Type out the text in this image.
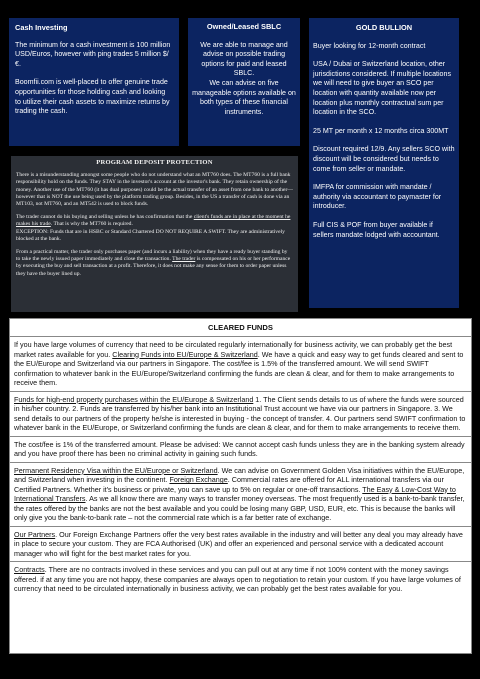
Cash Investing
The minimum for a cash investment is 100 million USD/Euros, however with ping trades 5 million $/€.
Boomfii.com is well-placed to offer genuine trade opportunities for those holding cash and looking to utilize their cash assets to maximize returns by trading the cash.
Owned/Leased SBLC
We are able to manage and advise on possible trading options for paid and leased SBLC.
We can advise on five manageable options available on both types of these financial instruments.
GOLD BULLION
Buyer looking for 12-month contract
USA / Dubai or Switzerland location, other jurisdictions considered. If multiple locations we will need to give buyer an SCO per location with quantity available now per location plus monthly contractual sum per location in the SCO.
25 MT per month x 12 months circa 300MT
Discount required 12/9. Any sellers SCO with discount will be considered but needs to come from seller or mandate.
IMFPA for commission with mandate / authority via accountant to paymaster for introducer.
Full CIS & POF from buyer available if sellers mandate lodged with accountant.
PROGRAM DEPOSIT PROTECTION
There is a misunderstanding amongst some people who do not understand what an MT760 does. The MT760 is a full bank responsibility hold on the funds. They STAY in the investor's account at the investor's bank. They retain ownership of the money. Another use of the MT760 (it has dual purposes) could be the actual transfer of an asset from one bank to another—however that is NOT the use being used by the platform trading group. Besides, in the US a transfer of cash is done via an MT103, not MT760, and an MT542 is used to block funds.
The trader cannot do his buying and selling unless he has confirmation that the client's funds are in place at the moment he makes his trade. That is why the MT760 is required.
EXCEPTION: Funds that are in HSBC or Standard Chartered DO NOT REQUIRE A SWIFT. They are administratively blocked at the bank.
From a practical matter, the trader only purchases paper (and incurs a liability) when they have a ready buyer standing by to take the newly issued paper immediately and close the transaction. The trader is compensated on his or her performance by executing the buy and sell transaction at a profit. Therefore, it does not make any sense for them to order paper unless they have the buyer lined up.
CLEARED FUNDS
If you have large volumes of currency that need to be circulated regularly internationally for business activity, we can probably get the best market rates available for you. Clearing Funds into EU/Europe & Switzerland. We have a quick and easy way to get funds cleared and sent to the EU/Europe and Switzerland via our partners in Singapore. The cost/fee is 1.5% of the transferred amount. We will send SWIFT confirmation to whatever bank in the EU/Europe/Switzerland confirming the funds are clean & clear, and for them to make arrangements to receive them.
Funds for high-end property purchases within the EU/Europe & Switzerland 1. The Client sends details to us of where the funds were sourced in his/her country. 2. Funds are transferred by his/her bank into an Institutional Trust account we have via our partners in Singapore. 3. We send details to our partners of the property he/she is interested in buying - the concept of transfer. 4. Our partners send SWIFT confirmation to whatever bank in the EU/Europe, or Switzerland confirming the funds are clean & clear, and for them to make arrangements to receive them.
The cost/fee is 1% of the transferred amount. Please be advised: We cannot accept cash funds unless they are in the banking system already and you have proof there has been no criminal activity in gaining such funds.
Permanent Residency Visa within the EU/Europe or Switzerland. We can advise on Government Golden Visa initiatives within the EU/Europe, and Switzerland when investing in the continent. Foreign Exchange. Commercial rates are offered for ALL international transfers via our Certified Partners. Whether it's business or private, you can save up to 5% on regular or one-off transactions. The Easy & Low-Cost Way to International Transfers. As we all know there are many ways to transfer money overseas. The most frequently used is a bank-to-bank transfer, the rates offered by the banks are not the best available and you could be losing many GBP, USD, EUR, etc. This is because the banks will only give you the bank-to-bank rate – not the commercial rate which is a far better rate of exchange.
Our Partners. Our Foreign Exchange Partners offer the very best rates available in the industry and will better any deal you may already have in place to secure your custom. They are FCA Authorised (UK) and offer an experienced and personal service with a dedicated account manager who will fight for the best market rates for you.
Contracts. There are no contracts involved in these services and you can pull out at any time if not 100% content with the money savings offered. if at any time you are not happy, these companies are always open to negotiation to retain your custom. If you have large volumes of currency that need to be circulated internationally in business activity, we can probably get the best rates available for you.
